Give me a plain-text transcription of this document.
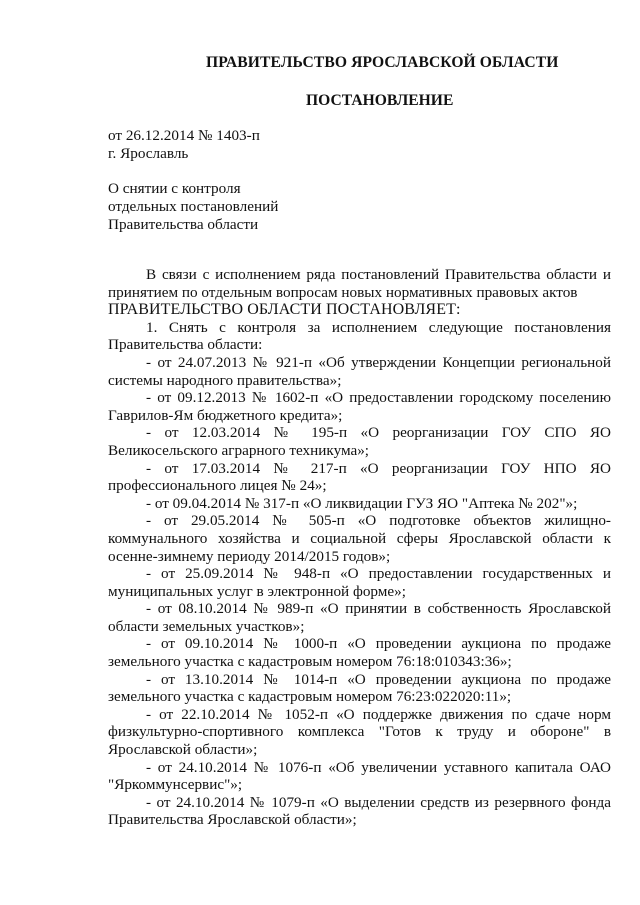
ПРАВИТЕЛЬСТВО ЯРОСЛАВСКОЙ ОБЛАСТИ
ПОСТАНОВЛЕНИЕ
от 26.12.2014 № 1403-п
г. Ярославль
О снятии с контроля
отдельных постановлений
Правительства области

В связи с исполнением ряда постановлений Правительства области и принятием по отдельным вопросам новых нормативных правовых актов

ПРАВИТЕЛЬСТВО ОБЛАСТИ ПОСТАНОВЛЯЕТ:

1. Снять с контроля за исполнением следующие постановления Правительства области:

- от 24.07.2013 № 921-п «Об утверждении Концепции региональной системы народного правительства»;

- от 09.12.2013 № 1602-п «О предоставлении городскому поселению Гаврилов-Ям бюджетного кредита»;

- от 12.03.2014 № 195-п «О реорганизации ГОУ СПО ЯО Великосельского аграрного техникума»;

- от 17.03.2014 № 217-п «О реорганизации ГОУ НПО ЯО профессионального лицея № 24»;

- от 09.04.2014 № 317-п «О ликвидации ГУЗ ЯО "Аптека № 202"»;

- от 29.05.2014 № 505-п «О подготовке объектов жилищно-коммунального хозяйства и социальной сферы Ярославской области к осенне-зимнему периоду 2014/2015 годов»;

- от 25.09.2014 № 948-п «О предоставлении государственных и муниципальных услуг в электронной форме»;

- от 08.10.2014 № 989-п «О принятии в собственность Ярославской области земельных участков»;

- от 09.10.2014 № 1000-п «О проведении аукциона по продаже земельного участка с кадастровым номером 76:18:010343:36»;

- от 13.10.2014 № 1014-п «О проведении аукциона по продаже земельного участка с кадастровым номером 76:23:022020:11»;

- от 22.10.2014 № 1052-п «О поддержке движения по сдаче норм физкультурно-спортивного комплекса "Готов к труду и обороне" в Ярославской области»;

- от 24.10.2014 № 1076-п «Об увеличении уставного капитала ОАО "Яркоммунсервис"»;

- от 24.10.2014 № 1079-п «О выделении средств из резервного фонда Правительства Ярославской области»;
